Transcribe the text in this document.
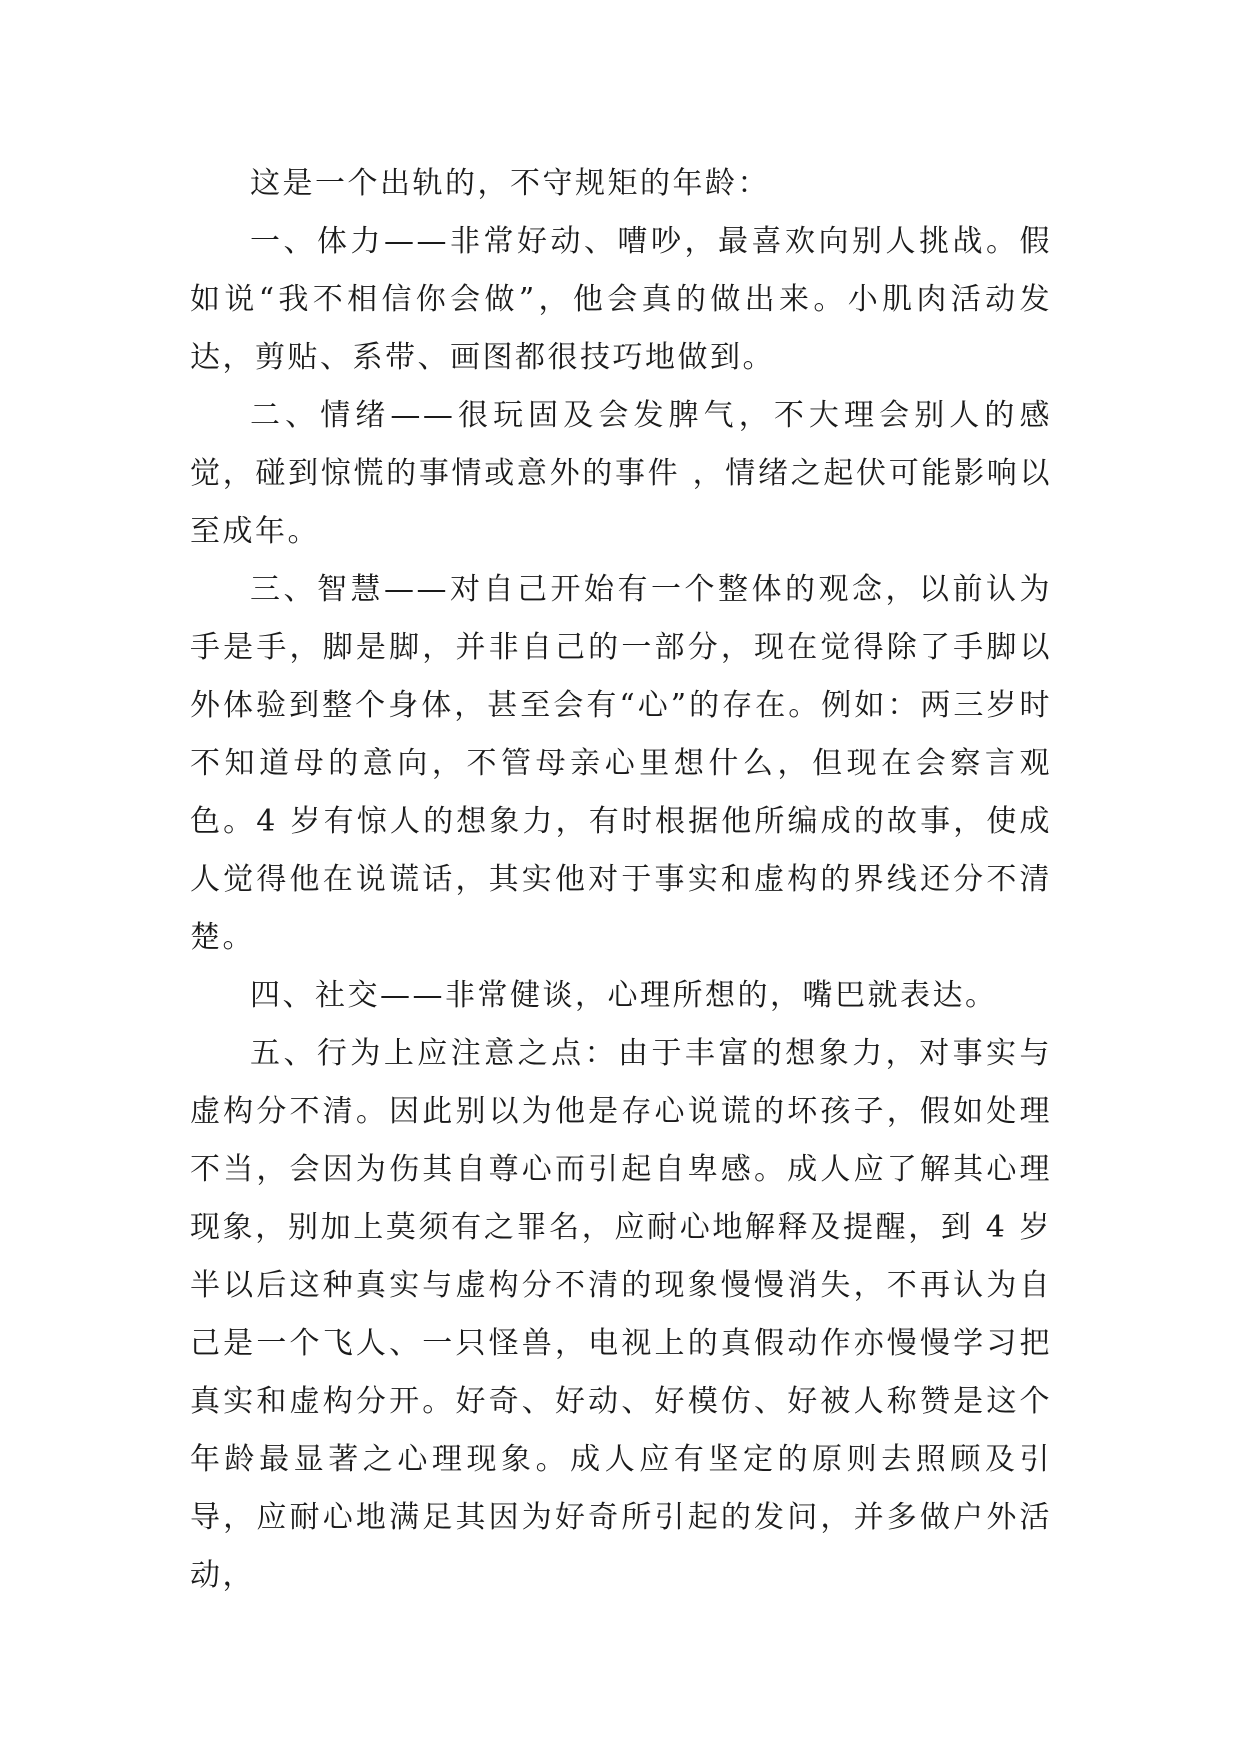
这是一个出轨的，不守规矩的年龄：

一、体力——非常好动、嘈吵，最喜欢向别人挑战。假如说“我不相信你会做”，他会真的做出来。小肌肉活动发达，剪贴、系带、画图都很技巧地做到。

二、情绪——很玩固及会发脾气，不大理会别人的感觉，碰到惊慌的事情或意外的事件 ，情绪之起伏可能影响以至成年。

三、智慧——对自己开始有一个整体的观念，以前认为手是手，脚是脚，并非自己的一部分，现在觉得除了手脚以外体验到整个身体，甚至会有“心”的存在。例如：两三岁时不知道母的意向，不管母亲心里想什么，但现在会察言观色。4 岁有惊人的想象力，有时根据他所编成的故事，使成人觉得他在说谎话，其实他对于事实和虚构的界线还分不清楚。

四、社交——非常健谈，心理所想的，嘴巴就表达。

五、行为上应注意之点：由于丰富的想象力，对事实与虚构分不清。因此别以为他是存心说谎的坏孩子，假如处理不当，会因为伤其自尊心而引起自卑感。成人应了解其心理现象，别加上莫须有之罪名，应耐心地解释及提醒，到 4 岁半以后这种真实与虚构分不清的现象慢慢消失，不再认为自己是一个飞人、一只怪兽，电视上的真假动作亦慢慢学习把真实和虚构分开。好奇、好动、好模仿、好被人称赞是这个年龄最显著之心理现象。成人应有坚定的原则去照顾及引导，应耐心地满足其因为好奇所引起的发问，并多做户外活动，
